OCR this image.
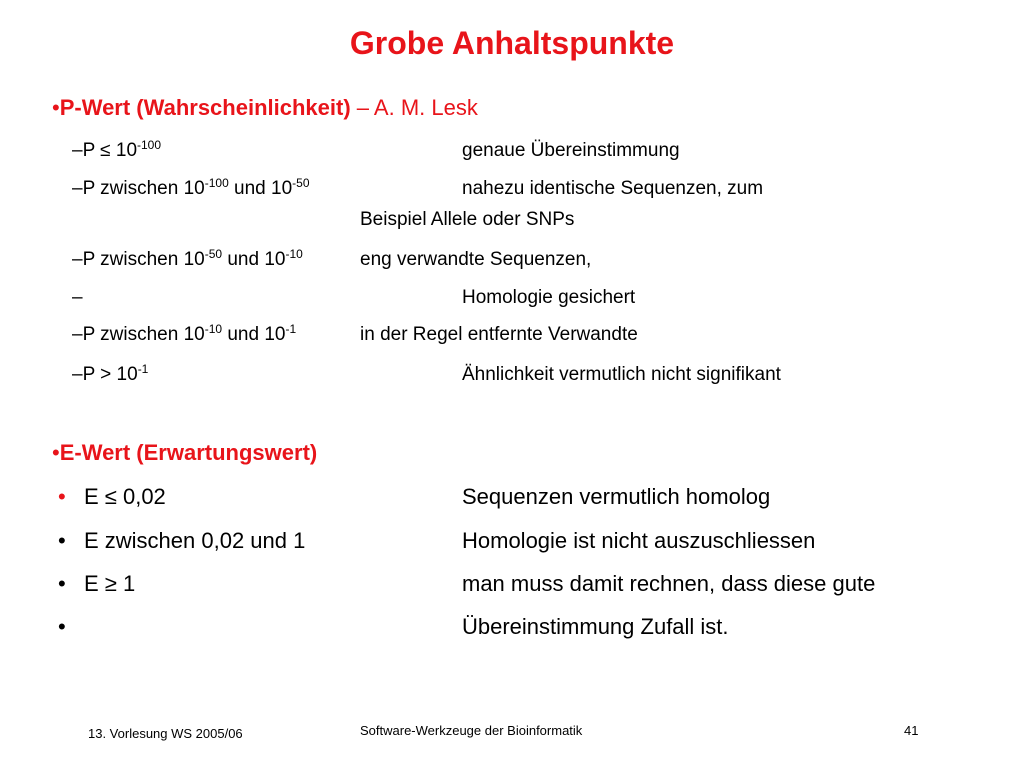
Grobe Anhaltspunkte
•P-Wert (Wahrscheinlichkeit) – A. M. Lesk
$-P \le 10^{-100}$	genaue Übereinstimmung
–P zwischen $10^{-100}$ und $10^{-50}$	nahezu identische Sequenzen, zum
Beispiel Allele oder SNPs
–P zwischen $10^{-50}$ und $10^{-10}$	eng verwandte Sequenzen,
–	Homologie gesichert
–P zwischen $10^{-10}$ und $10^{-1}$	in der Regel entfernte Verwandte
$-P > 10^{-1}$	Ähnlichkeit vermutlich nicht signifikant
•E-Wert (Erwartungswert)
• E ≤ 0,02	Sequenzen vermutlich homolog
• E zwischen 0,02 und 1	Homologie ist nicht auszuschliessen
• E ≥ 1	man muss damit rechnen, dass diese gute
•	Übereinstimmung Zufall ist.
13. Vorlesung WS 2005/06	Software-Werkzeuge der Bioinformatik	41
